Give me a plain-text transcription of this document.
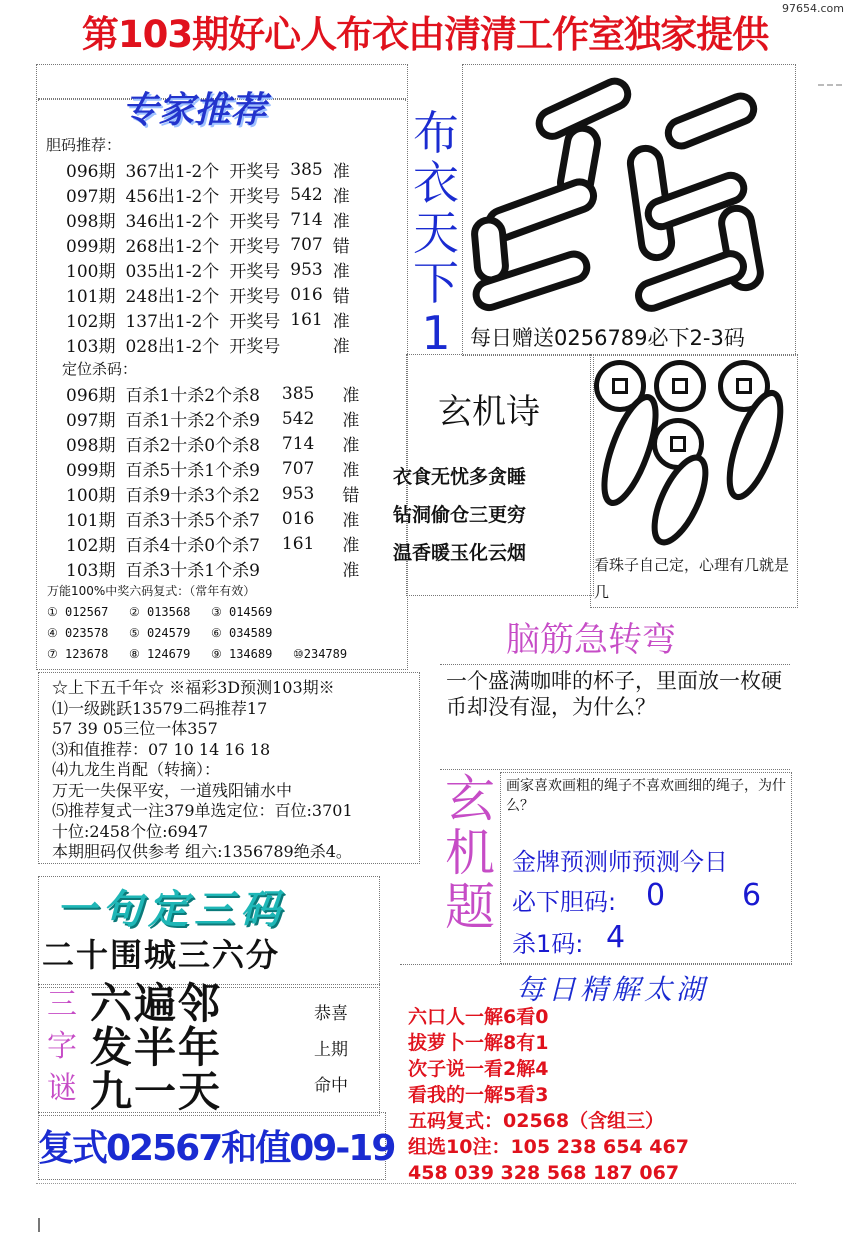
第103期好心人布衣由清清工作室独家提供
97654.com
专家推荐
胆码推荐：
096期	367出1-2个	开奖号	385	准
097期	456出1-2个	开奖号	542	准
098期	346出1-2个	开奖号	714	准
099期	268出1-2个	开奖号	707	错
100期	035出1-2个	开奖号	953	准
101期	248出1-2个	开奖号	016	错
102期	137出1-2个	开奖号	161	准
103期	028出1-2个	开奖号		准
定位杀码：
096期	百杀1十杀2个杀8	385	准
097期	百杀1十杀2个杀9	542	准
098期	百杀2十杀0个杀8	714	准
099期	百杀5十杀1个杀9	707	准
100期	百杀9十杀3个杀2	953	错
101期	百杀3十杀5个杀7	016	准
102期	百杀4十杀0个杀7	161	准
103期	百杀3十杀1个杀9		准
万能100%中奖六码复式：（常年有效）
① 012567 ② 013568 ③ 014569
④ 023578 ⑤ 024579 ⑥ 034589
⑦ 123678 ⑧ 124679 ⑨ 134689 ⑩234789
布
衣
天
下
1
26
每日赠送0256789必下2-3码
玄机诗
衣食无忧多贪睡
钻洞偷仓三更穷
温香暖玉化云烟	0999
看珠子自己定，心理有几就是几
脑筋急转弯
一个盛满咖啡的杯子，里面放一枚硬币却没有湿，为什么？
☆上下五千年☆ ※福彩3D预测103期※
⑴一级跳跃13579二码推荐17
57 39 05三位一体357
⑶和值推荐：07 10 14 16 18
⑷九龙生肖配（转摘）：
万无一失保平安，一道残阳铺水中
⑸推荐复式一注379单选定位：百位:3701
十位:2458个位:6947
本期胆码仅供参考 组六:1356789绝杀4。
玄
机
题
画家喜欢画粗的绳子不喜欢画细的绳子，为什么？
金牌预测师预测今日
必下胆码: 0	6
杀1码: 4
一句定三码
二十围城三六分
三
字
谜
六遍邻
发半年
九一天
恭喜
上期
命中
复式02567和值09-19
每日精解太湖
六口人一解6看0
拔萝卜一解8有1
次子说一看2解4
看我的一解5看3
五码复式：02568（含组三）
组选10注：105 238 654 467
458 039 328 568 187 067
